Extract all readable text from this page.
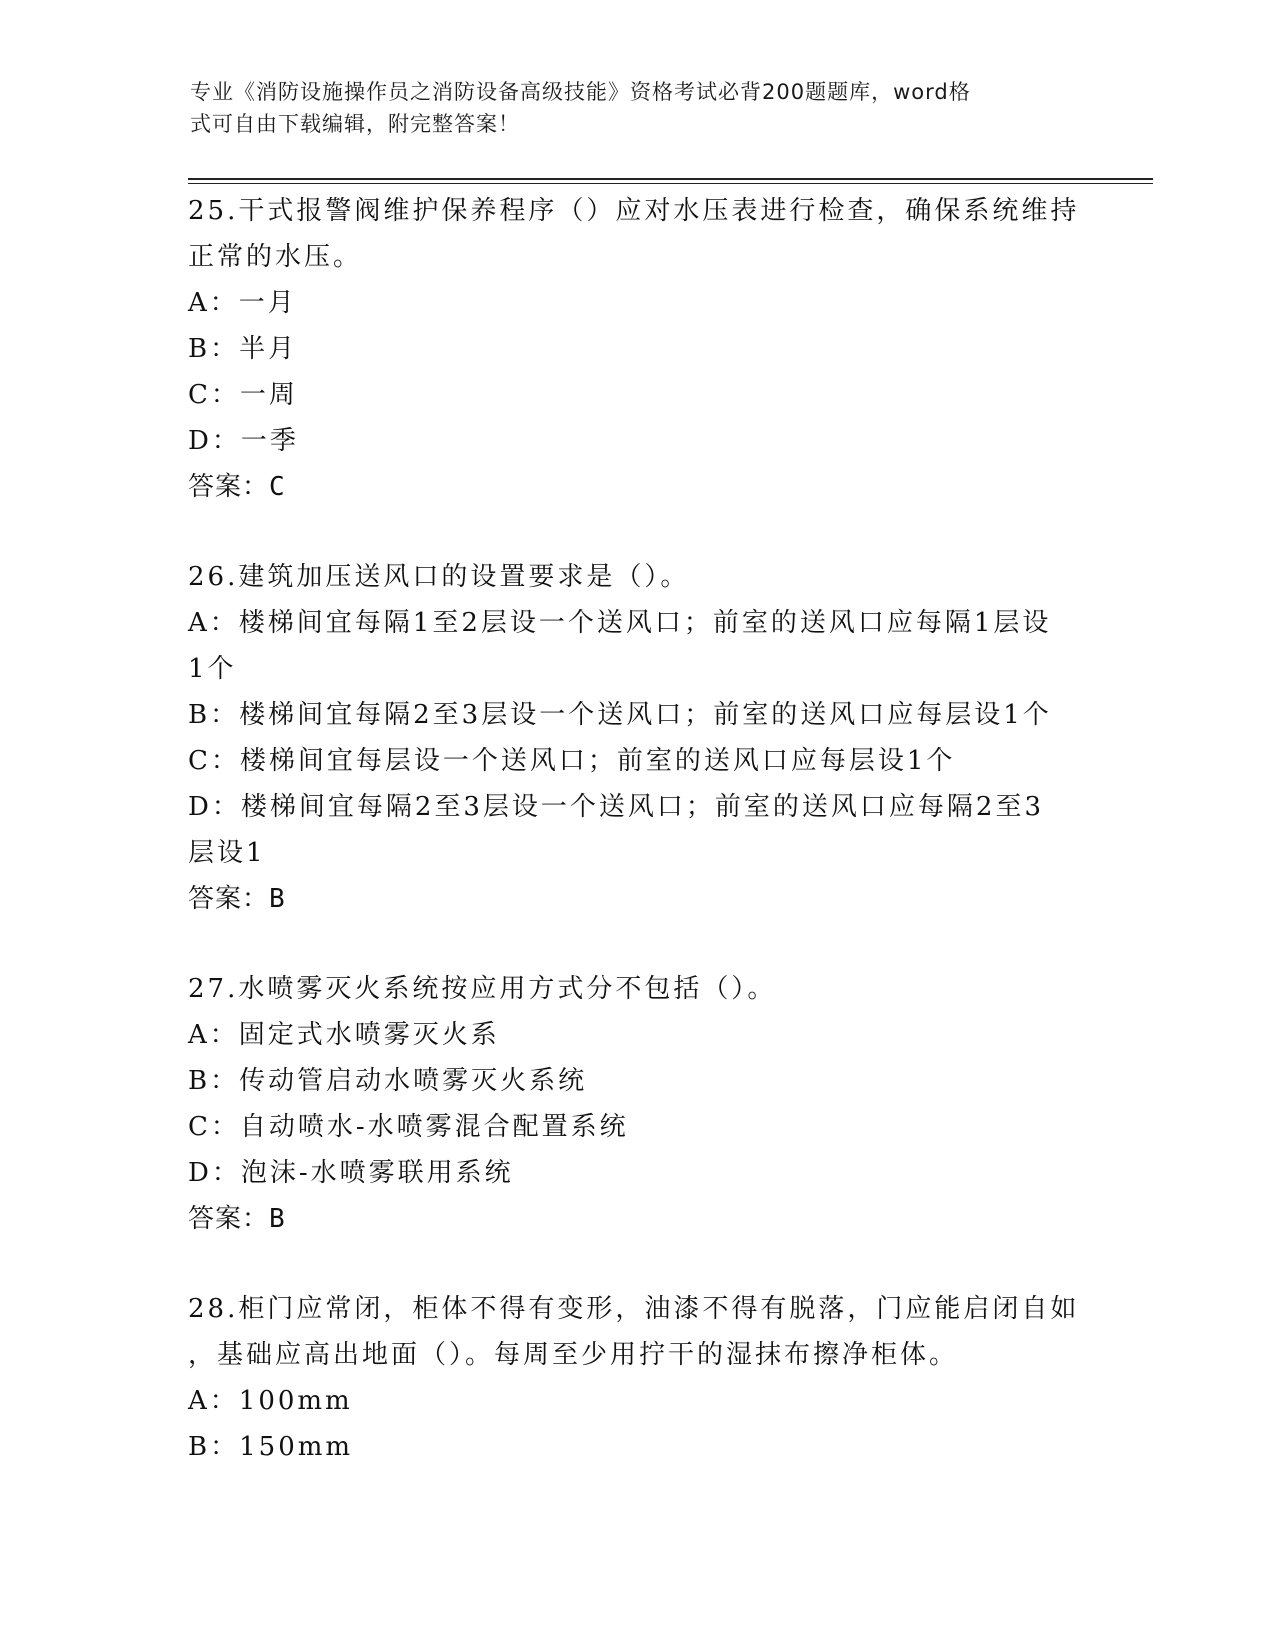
专业《消防设施操作员之消防设备高级技能》资格考试必背200题题库，word格
式可自由下载编辑，附完整答案！

25.干式报警阀维护保养程序（）应对水压表进行检查，确保系统维持

正常的水压。

A：一月

B：半月

C：一周

D：一季

答案：C

26.建筑加压送风口的设置要求是（）。

A：楼梯间宜每隔1至2层设一个送风口；前室的送风口应每隔1层设

1个

B：楼梯间宜每隔2至3层设一个送风口；前室的送风口应每层设1个

C：楼梯间宜每层设一个送风口；前室的送风口应每层设1个

D：楼梯间宜每隔2至3层设一个送风口；前室的送风口应每隔2至3

层设1

答案：B

27.水喷雾灭火系统按应用方式分不包括（）。

A：固定式水喷雾灭火系

B：传动管启动水喷雾灭火系统

C：自动喷水-水喷雾混合配置系统

D：泡沫-水喷雾联用系统

答案：B

28.柜门应常闭，柜体不得有变形，油漆不得有脱落，门应能启闭自如

，基础应高出地面（）。每周至少用拧干的湿抹布擦净柜体。

A：100mm

B：150mm
